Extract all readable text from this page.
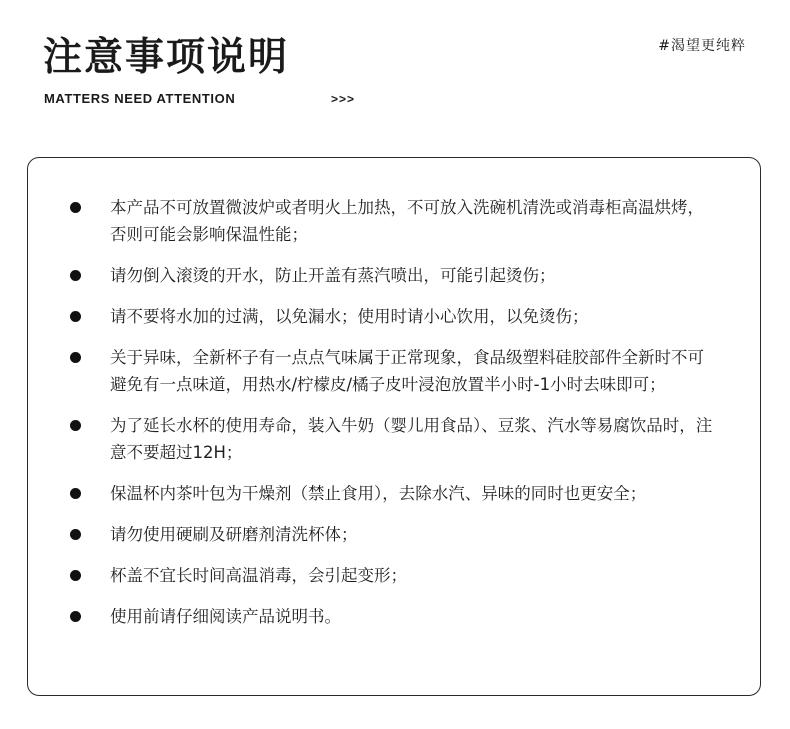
注意事项说明
MATTERS NEED ATTENTION	>>>
#渴望更纯粹
本产品不可放置微波炉或者明火上加热，不可放入洗碗机清洗或消毒柜高温烘烤，否则可能会影响保温性能；
请勿倒入滚烫的开水，防止开盖有蒸汽喷出，可能引起烫伤；
请不要将水加的过满，以免漏水；使用时请小心饮用，以免烫伤；
关于异味，全新杯子有一点点气味属于正常现象，食品级塑料硅胶部件全新时不可避免有一点味道，用热水/柠檬皮/橘子皮叶浸泡放置半小时-1小时去味即可；
为了延长水杯的使用寿命，装入牛奶（婴儿用食品）、豆浆、汽水等易腐饮品时，注意不要超过12H；
保温杯内茶叶包为干燥剂（禁止食用），去除水汽、异味的同时也更安全；
请勿使用硬刷及研磨剂清洗杯体；
杯盖不宜长时间高温消毒，会引起变形；
使用前请仔细阅读产品说明书。
